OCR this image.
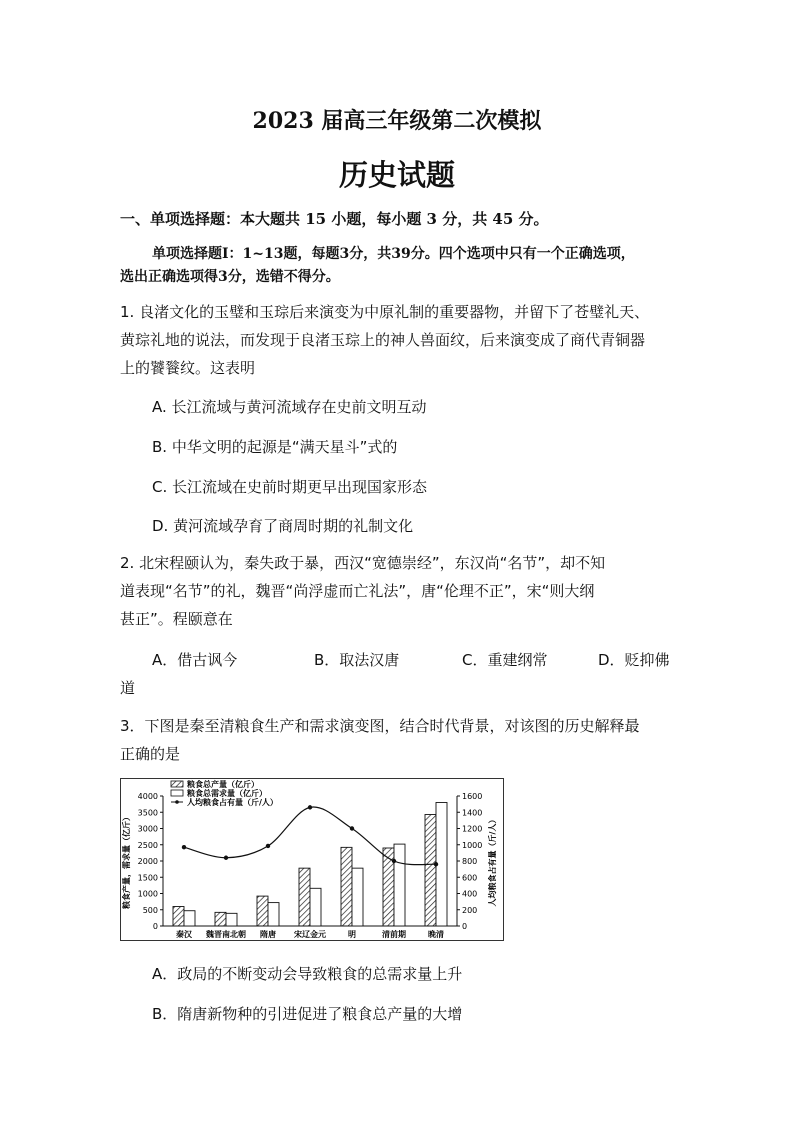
2023 届高三年级第二次模拟
历史试题
一、单项选择题：本大题共 15 小题，每小题 3 分，共 45 分。
单项选择题Ⅰ：1~13题，每题3分，共39分。四个选项中只有一个正确选项，
选出正确选项得3分，选错不得分。
1. 良渚文化的玉璧和玉琮后来演变为中原礼制的重要器物，并留下了苍璧礼天、
黄琮礼地的说法，而发现于良渚玉琮上的神人兽面纹，后来演变成了商代青铜器
上的饕餮纹。这表明
A. 长江流域与黄河流域存在史前文明互动
B. 中华文明的起源是“满天星斗”式的
C. 长江流域在史前时期更早出现国家形态
D. 黄河流域孕育了商周时期的礼制文化
2. 北宋程颐认为，秦失政于暴，西汉“宽德崇经”，东汉尚“名节”，却不知
道表现“名节”的礼，魏晋“尚浮虚而亡礼法”，唐“伦理不正”，宋“则大纲
甚正”。程颐意在
A．借古讽今	B．取法汉唐	C．重建纲常	D．贬抑佛
道
3．下图是秦至清粮食生产和需求演变图，结合时代背景，对该图的历史解释最
正确的是
0
500
1000
1500
2000
2500
3000
3500
4000
0
200
400
600
800
1000
1200
1400
1600
粮食产量，需求量（亿斤）	人均粮食占有量（斤/人）
秦汉 魏晋南北朝 隋唐 宋辽金元	明	清前期	晚清
粮食总产量（亿斤）
粮食总需求量（亿斤）
人均粮食占有量（斤/人）
A．政局的不断变动会导致粮食的总需求量上升
B．隋唐新物种的引进促进了粮食总产量的大增
